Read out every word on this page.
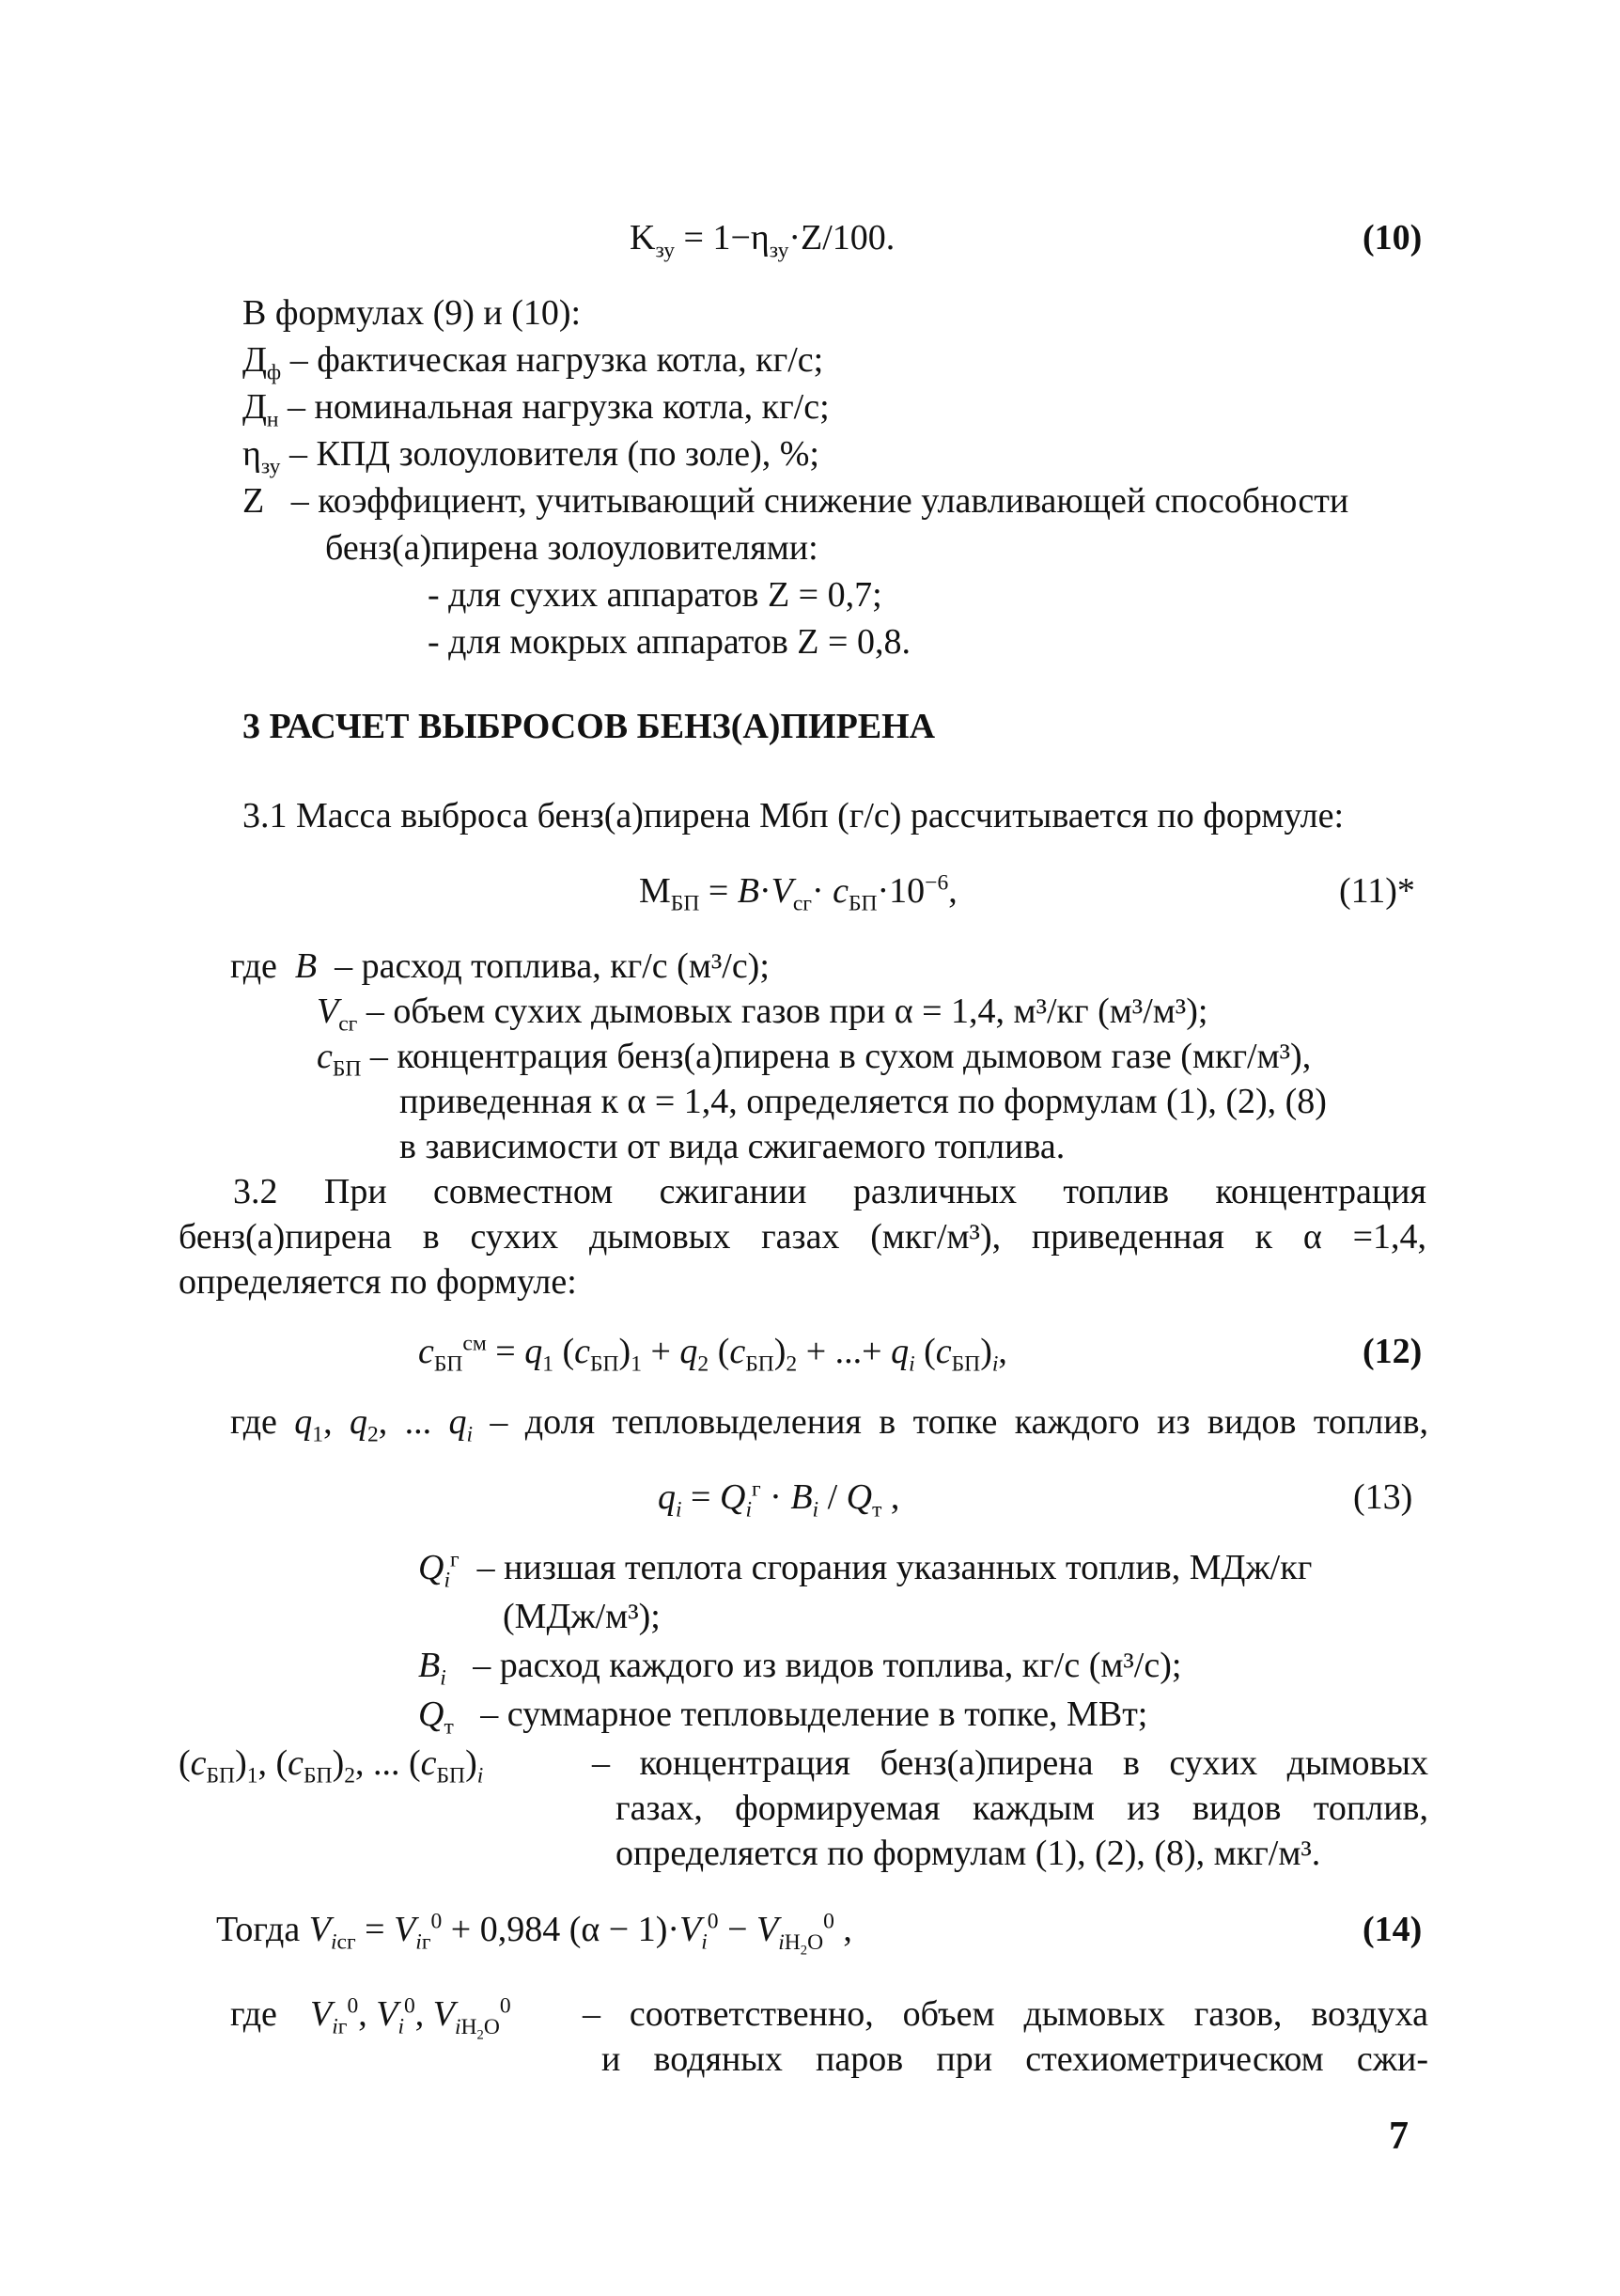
$K_{зу} = 1-\eta_{зу}\cdot Z/100$.	(10)
В формулах (9) и (10):
$Д_ф$ – фактическая нагрузка котла, кг/с;
$Д_н$ – номинальная нагрузка котла, кг/с;
$\eta_{зу}$ – КПД золоуловителя (по золе), %;
Z   – коэффициент, учитывающий снижение улавливающей способности
бенз(а)пирена золоуловителями:
- для сухих аппаратов Z = 0,7;
- для мокрых аппаратов Z = 0,8.
3 РАСЧЕТ ВЫБРОСОВ БЕНЗ(А)ПИРЕНА
3.1 Масса выброса бенз(а)пирена Mбп (г/с) рассчитывается по формуле:
$M_{БП} = B\cdot V_{сг}\cdot c_{БП}\cdot 10^{-6}$,	(11)*
где  B – расход топлива, кг/с (м³/с);
$V_{сг}$ – объем сухих дымовых газов при α = 1,4, м³/кг (м³/м³);
$c_{БП}$ – концентрация бенз(а)пирена в сухом дымовом газе (мкг/м³),
приведенная к α = 1,4, определяется по формулам (1), (2), (8)
в зависимости от вида сжигаемого топлива.
3.2 При совместном сжигании различных топлив концентрация
бенз(а)пирена в сухих дымовых газах (мкг/м³), приведенная к α =1,4,
определяется по формуле:
$c_{БП}^{см} = q_1$ $(c_{БП})_1 + q_2$ $(c_{БП})_2$ + ...+ $q_i$ $(c_{БП})_i$,	(12)
где $q_1$, $q_2$, ... $q_i$ – доля тепловыделения в топке каждого из видов топлив,
$q_i = Q_i^г \cdot B_i / Q_т$ ,	(13)
$Q_i^г$ – низшая теплота сгорания указанных топлив, МДж/кг
(МДж/м³);
$B_i$ – расход каждого из видов топлива, кг/с (м³/с);
$Q_т$ – суммарное тепловыделение в топке, МВт;
$(c_{БП})_1$, $(c_{БП})_2$, ... $(c_{БП})_i$	– концентрация бенз(а)пирена в сухих дымовых
газах, формируемая каждым из видов топлив,
определяется по формулам (1), (2), (8), мкг/м³.
Тогда $V_{iсг} = V_{iг}^0 + 0,984$ $(\alpha - 1)\cdot V_i^0 - V_{iH_2O}^0$ ,	(14)
где $V_{iг}^0$, $V_i^0$, $V_{iH_2O}^0$ – соответственно, объем дымовых газов, воздуха
и водяных паров при стехиометрическом сжи-
7
